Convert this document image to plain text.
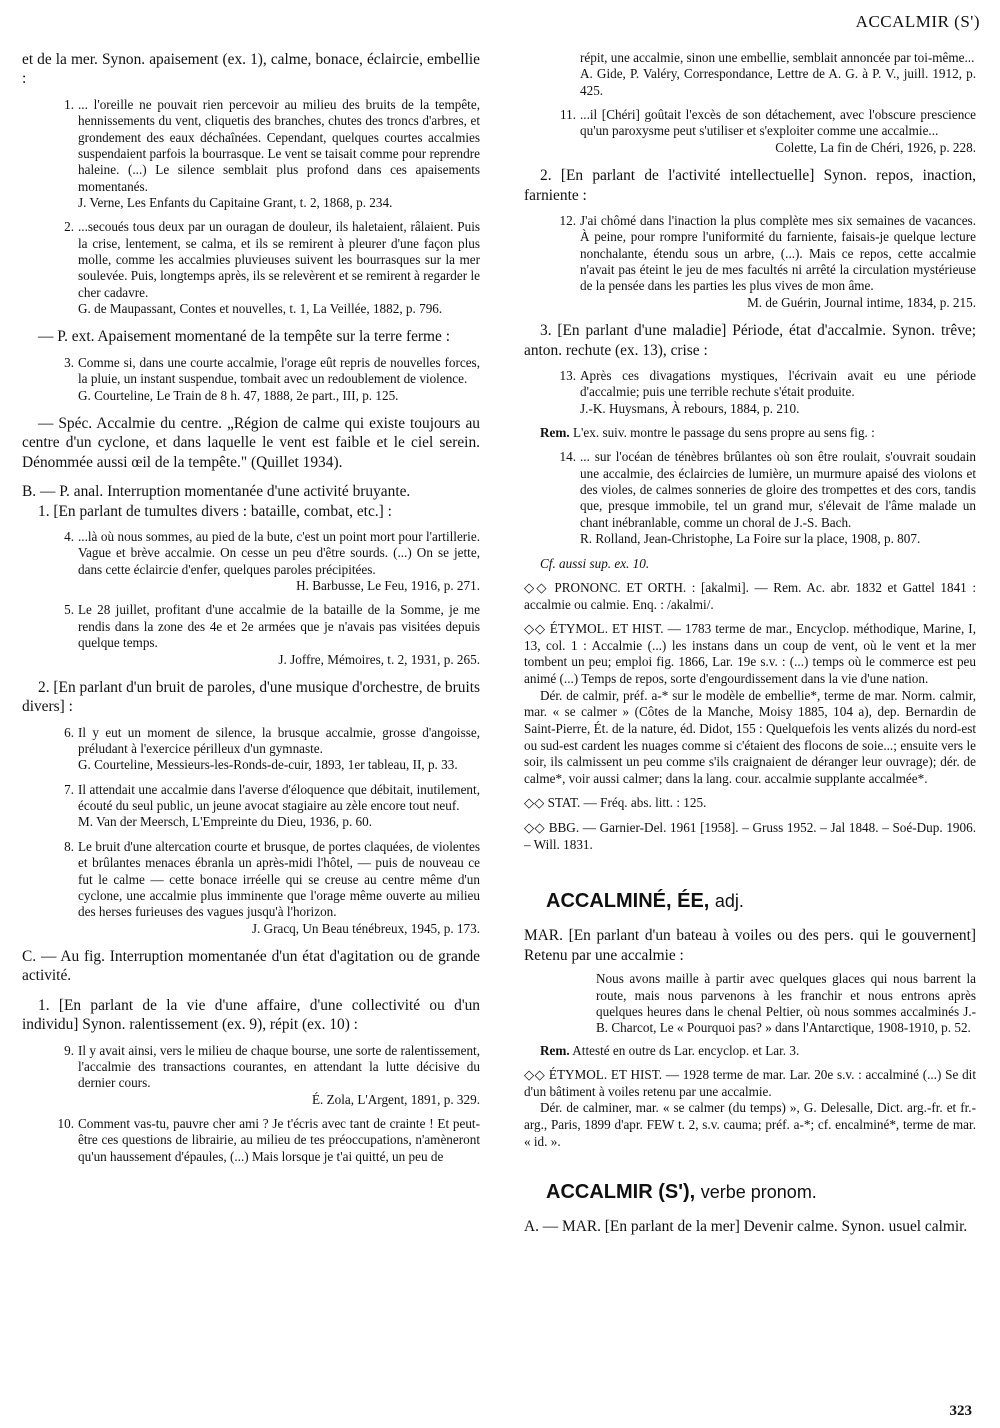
ACCALMIR (S')

et de la mer. Synon. apaisement (ex. 1), calme, bonace, éclaircie, embellie :

1. ... l'oreille ne pouvait rien percevoir au milieu des bruits de la tempête, hennissements du vent, cliquetis des branches, chutes des troncs d'arbres, et grondement des eaux déchaînées. Cependant, quelques courtes accalmies suspendaient parfois la bourrasque. Le vent se taisait comme pour reprendre haleine. (...) Le silence semblait plus profond dans ces apaisements momentanés.
J. Verne, Les Enfants du Capitaine Grant, t. 2, 1868, p. 234.

2. ...secoués tous deux par un ouragan de douleur, ils haletaient, râlaient. Puis la crise, lentement, se calma, et ils se remirent à pleurer d'une façon plus molle, comme les accalmies pluvieuses suivent les bourrasques sur la mer soulevée. Puis, longtemps après, ils se relevèrent et se remirent à regarder le cher cadavre.
G. de Maupassant, Contes et nouvelles, t. 1, La Veillée, 1882, p. 796.

— P. ext. Apaisement momentané de la tempête sur la terre ferme :

3. Comme si, dans une courte accalmie, l'orage eût repris de nouvelles forces, la pluie, un instant suspendue, tombait avec un redoublement de violence.
G. Courteline, Le Train de 8 h. 47, 1888, 2e part., III, p. 125.

— Spéc. Accalmie du centre. „Région de calme qui existe toujours au centre d'un cyclone, et dans laquelle le vent est faible et le ciel serein. Dénommée aussi œil de la tempête." (Quillet 1934).

B. — P. anal. Interruption momentanée d'une activité bruyante.

1. [En parlant de tumultes divers : bataille, combat, etc.] :

4. ...là où nous sommes, au pied de la bute, c'est un point mort pour l'artillerie. Vague et brève accalmie. On cesse un peu d'être sourds. (...) On se jette, dans cette éclaircie d'enfer, quelques paroles précipitées.
H. Barbusse, Le Feu, 1916, p. 271.

5. Le 28 juillet, profitant d'une accalmie de la bataille de la Somme, je me rendis dans la zone des 4e et 2e armées que je n'avais pas visitées depuis quelque temps.
J. Joffre, Mémoires, t. 2, 1931, p. 265.

2. [En parlant d'un bruit de paroles, d'une musique d'orchestre, de bruits divers] :

6. Il y eut un moment de silence, la brusque accalmie, grosse d'angoisse, préludant à l'exercice périlleux d'un gymnaste.
G. Courteline, Messieurs-les-Ronds-de-cuir, 1893, 1er tableau, II, p. 33.

7. Il attendait une accalmie dans l'averse d'éloquence que débitait, inutilement, écouté du seul public, un jeune avocat stagiaire au zèle encore tout neuf.
M. Van der Meersch, L'Empreinte du Dieu, 1936, p. 60.

8. Le bruit d'une altercation courte et brusque, de portes claquées, de violentes et brûlantes menaces ébranla un après-midi l'hôtel, — puis de nouveau ce fut le calme — cette bonace irréelle qui se creuse au centre même d'un cyclone, une accalmie plus imminente que l'orage même ouverte au milieu des herses furieuses des vagues jusqu'à l'horizon.
J. Gracq, Un Beau ténébreux, 1945, p. 173.

C. — Au fig. Interruption momentanée d'un état d'agitation ou de grande activité.

1. [En parlant de la vie d'une affaire, d'une collectivité ou d'un individu] Synon. ralentissement (ex. 9), répit (ex. 10) :

9. Il y avait ainsi, vers le milieu de chaque bourse, une sorte de ralentissement, l'accalmie des transactions courantes, en attendant la lutte décisive du dernier cours.
É. Zola, L'Argent, 1891, p. 329.

10. Comment vas-tu, pauvre cher ami ? Je t'écris avec tant de crainte ! Et peut-être ces questions de librairie, au milieu de tes préoccupations, n'amèneront qu'un haussement d'épaules, (...) Mais lorsque je t'ai quitté, un peu de

répit, une accalmie, sinon une embellie, semblait annoncée par toi-même...
A. Gide, P. Valéry, Correspondance, Lettre de A. G. à P. V., juill. 1912, p. 425.

11. ...il [Chéri] goûtait l'excès de son détachement, avec l'obscure prescience qu'un paroxysme peut s'utiliser et s'exploiter comme une accalmie...
Colette, La fin de Chéri, 1926, p. 228.

2. [En parlant de l'activité intellectuelle] Synon. repos, inaction, farniente :

12. J'ai chômé dans l'inaction la plus complète mes six semaines de vacances. À peine, pour rompre l'uniformité du farniente, faisais-je quelque lecture nonchalante, étendu sous un arbre, (...). Mais ce repos, cette accalmie n'avait pas éteint le jeu de mes facultés ni arrêté la circulation mystérieuse de la pensée dans les parties les plus vives de mon âme.
M. de Guérin, Journal intime, 1834, p. 215.

3. [En parlant d'une maladie] Période, état d'accalmie. Synon. trêve; anton. rechute (ex. 13), crise :

13. Après ces divagations mystiques, l'écrivain avait eu une période d'accalmie; puis une terrible rechute s'était produite.
J.-K. Huysmans, À rebours, 1884, p. 210.

Rem. L'ex. suiv. montre le passage du sens propre au sens fig. :

14. ... sur l'océan de ténèbres brûlantes où son être roulait, s'ouvrait soudain une accalmie, des éclaircies de lumière, un murmure apaisé des violons et des violes, de calmes sonneries de gloire des trompettes et des cors, tandis que, presque immobile, tel un grand mur, s'élevait de l'âme malade un chant inébranlable, comme un choral de J.-S. Bach.
R. Rolland, Jean-Christophe, La Foire sur la place, 1908, p. 807.

Cf. aussi sup. ex. 10.

◇◇ PRONONC. ET ORTH. : [akalmi]. — Rem. Ac. abr. 1832 et Gattel 1841 : accalmie ou calmie. Enq. : /akalmi/.

◇◇ ÉTYMOL. ET HIST. — 1783 terme de mar., Encyclop. méthodique, Marine, I, 13, col. 1 : Accalmie (...) les instans dans un coup de vent, où le vent et la mer tombent un peu; emploi fig. 1866, Lar. 19e s.v. : (...) temps où le commerce est peu animé (...) Temps de repos, sorte d'engourdissement dans la vie d'une nation.

Dér. de calmir, préf. a-* sur le modèle de embellie*, terme de mar. Norm. calmir, mar. « se calmer » (Côtes de la Manche, Moisy 1885, 104 a), dep. Bernardin de Saint-Pierre, Ét. de la nature, éd. Didot, 155 : Quelquefois les vents alizés du nord-est ou sud-est cardent les nuages comme si c'étaient des flocons de soie...; ensuite vers le soir, ils calmissent un peu comme s'ils craignaient de déranger leur ouvrage); dér. de calme*, voir aussi calmer; dans la lang. cour. accalmie supplante accalmée*.

◇◇ STAT. — Fréq. abs. litt. : 125.

◇◇ BBG. — Garnier-Del. 1961 [1958]. – Gruss 1952. – Jal 1848. – Soé-Dup. 1906. – Will. 1831.

ACCALMINÉ, ÉE, adj.

MAR. [En parlant d'un bateau à voiles ou des pers. qui le gouvernent] Retenu par une accalmie :

Nous avons maille à partir avec quelques glaces qui nous barrent la route, mais nous parvenons à les franchir et nous entrons après quelques heures dans le chenal Peltier, où nous sommes accalminés J.-B. Charcot, Le « Pourquoi pas? » dans l'Antarctique, 1908-1910, p. 52.

Rem. Attesté en outre ds Lar. encyclop. et Lar. 3.

◇◇ ÉTYMOL. ET HIST. — 1928 terme de mar. Lar. 20e s.v. : accalminé (...) Se dit d'un bâtiment à voiles retenu par une accalmie.

Dér. de calminer, mar. « se calmer (du temps) », G. Delesalle, Dict. arg.-fr. et fr.-arg., Paris, 1899 d'apr. FEW t. 2, s.v. cauma; préf. a-*; cf. encalminé*, terme de mar. « id. ».

ACCALMIR (S'), verbe pronom.

A. — MAR. [En parlant de la mer] Devenir calme. Synon. usuel calmir.

323
